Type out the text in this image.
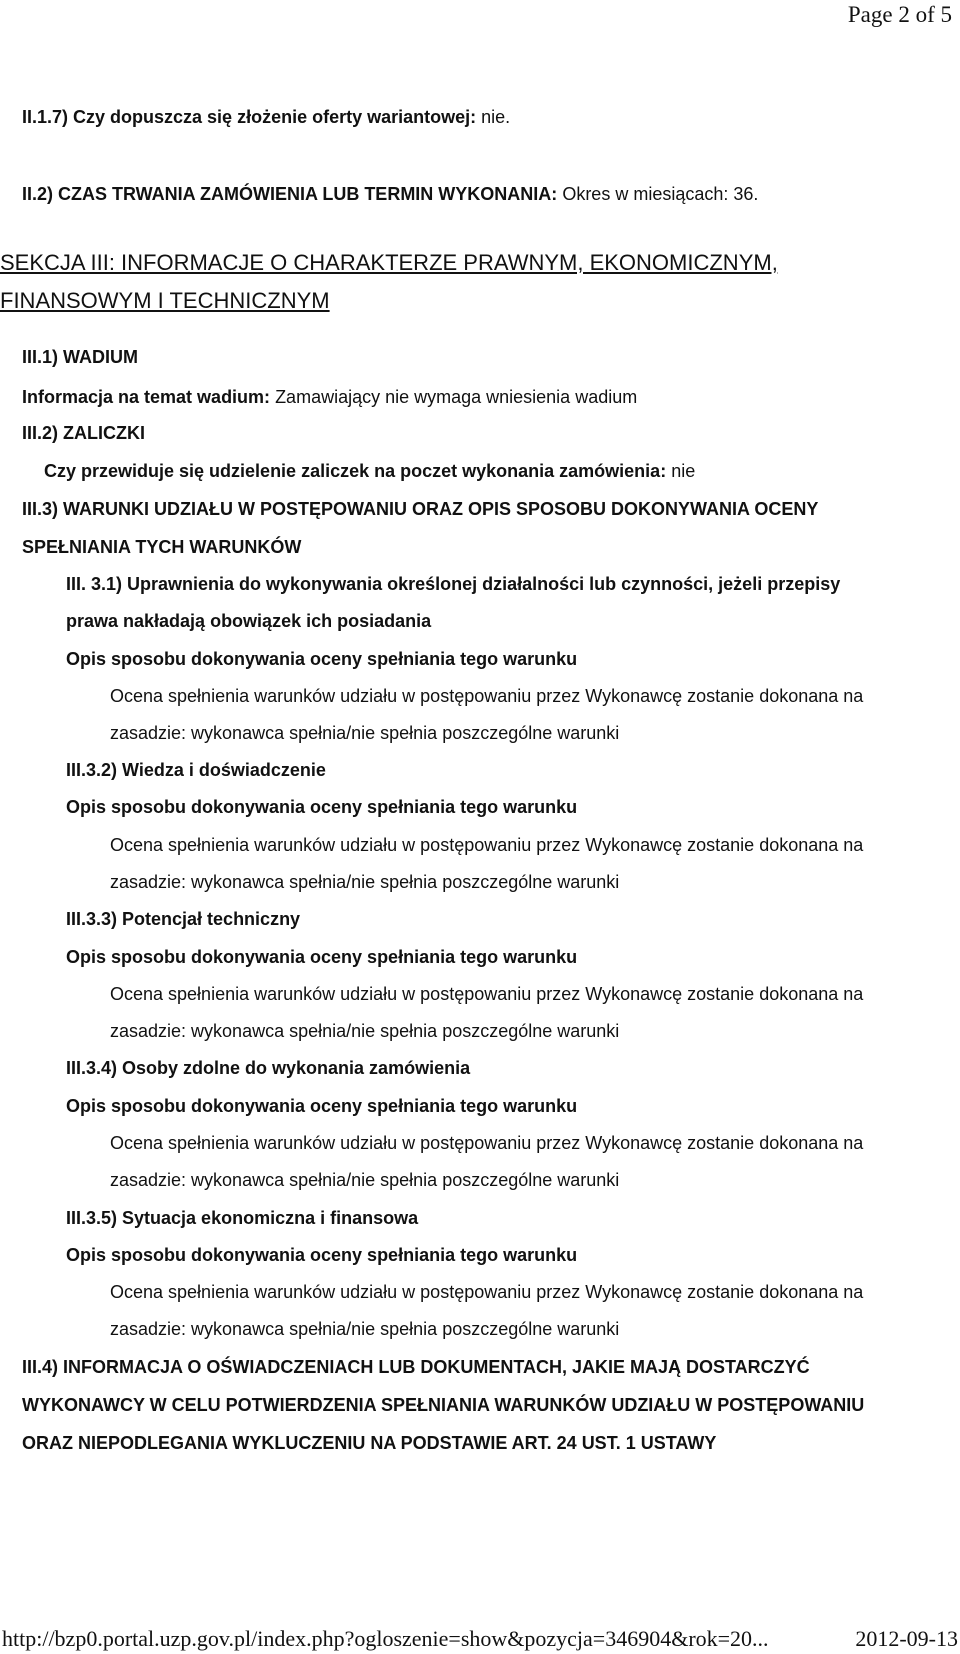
Page 2 of 5
II.1.7) Czy dopuszcza się złożenie oferty wariantowej: nie.
II.2) CZAS TRWANIA ZAMÓWIENIA LUB TERMIN WYKONANIA: Okres w miesiącach: 36.
SEKCJA III: INFORMACJE O CHARAKTERZE PRAWNYM, EKONOMICZNYM,
FINANSOWYM I TECHNICZNYM
III.1) WADIUM
Informacja na temat wadium: Zamawiający nie wymaga wniesienia wadium
III.2) ZALICZKI
Czy przewiduje się udzielenie zaliczek na poczet wykonania zamówienia: nie
III.3) WARUNKI UDZIAŁU W POSTĘPOWANIU ORAZ OPIS SPOSOBU DOKONYWANIA OCENY
SPEŁNIANIA TYCH WARUNKÓW
III. 3.1) Uprawnienia do wykonywania określonej działalności lub czynności, jeżeli przepisy
prawa nakładają obowiązek ich posiadania
Opis sposobu dokonywania oceny spełniania tego warunku
Ocena spełnienia warunków udziału w postępowaniu przez Wykonawcę zostanie dokonana na
zasadzie: wykonawca spełnia/nie spełnia poszczególne warunki
III.3.2) Wiedza i doświadczenie
Opis sposobu dokonywania oceny spełniania tego warunku
Ocena spełnienia warunków udziału w postępowaniu przez Wykonawcę zostanie dokonana na
zasadzie: wykonawca spełnia/nie spełnia poszczególne warunki
III.3.3) Potencjał techniczny
Opis sposobu dokonywania oceny spełniania tego warunku
Ocena spełnienia warunków udziału w postępowaniu przez Wykonawcę zostanie dokonana na
zasadzie: wykonawca spełnia/nie spełnia poszczególne warunki
III.3.4) Osoby zdolne do wykonania zamówienia
Opis sposobu dokonywania oceny spełniania tego warunku
Ocena spełnienia warunków udziału w postępowaniu przez Wykonawcę zostanie dokonana na
zasadzie: wykonawca spełnia/nie spełnia poszczególne warunki
III.3.5) Sytuacja ekonomiczna i finansowa
Opis sposobu dokonywania oceny spełniania tego warunku
Ocena spełnienia warunków udziału w postępowaniu przez Wykonawcę zostanie dokonana na
zasadzie: wykonawca spełnia/nie spełnia poszczególne warunki
III.4) INFORMACJA O OŚWIADCZENIACH LUB DOKUMENTACH, JAKIE MAJĄ DOSTARCZYĆ
WYKONAWCY W CELU POTWIERDZENIA SPEŁNIANIA WARUNKÓW UDZIAŁU W POSTĘPOWANIU
ORAZ NIEPODLEGANIA WYKLUCZENIU NA PODSTAWIE ART. 24 UST. 1 USTAWY
http://bzp0.portal.uzp.gov.pl/index.php?ogloszenie=show&pozycja=346904&rok=20...	2012-09-13
